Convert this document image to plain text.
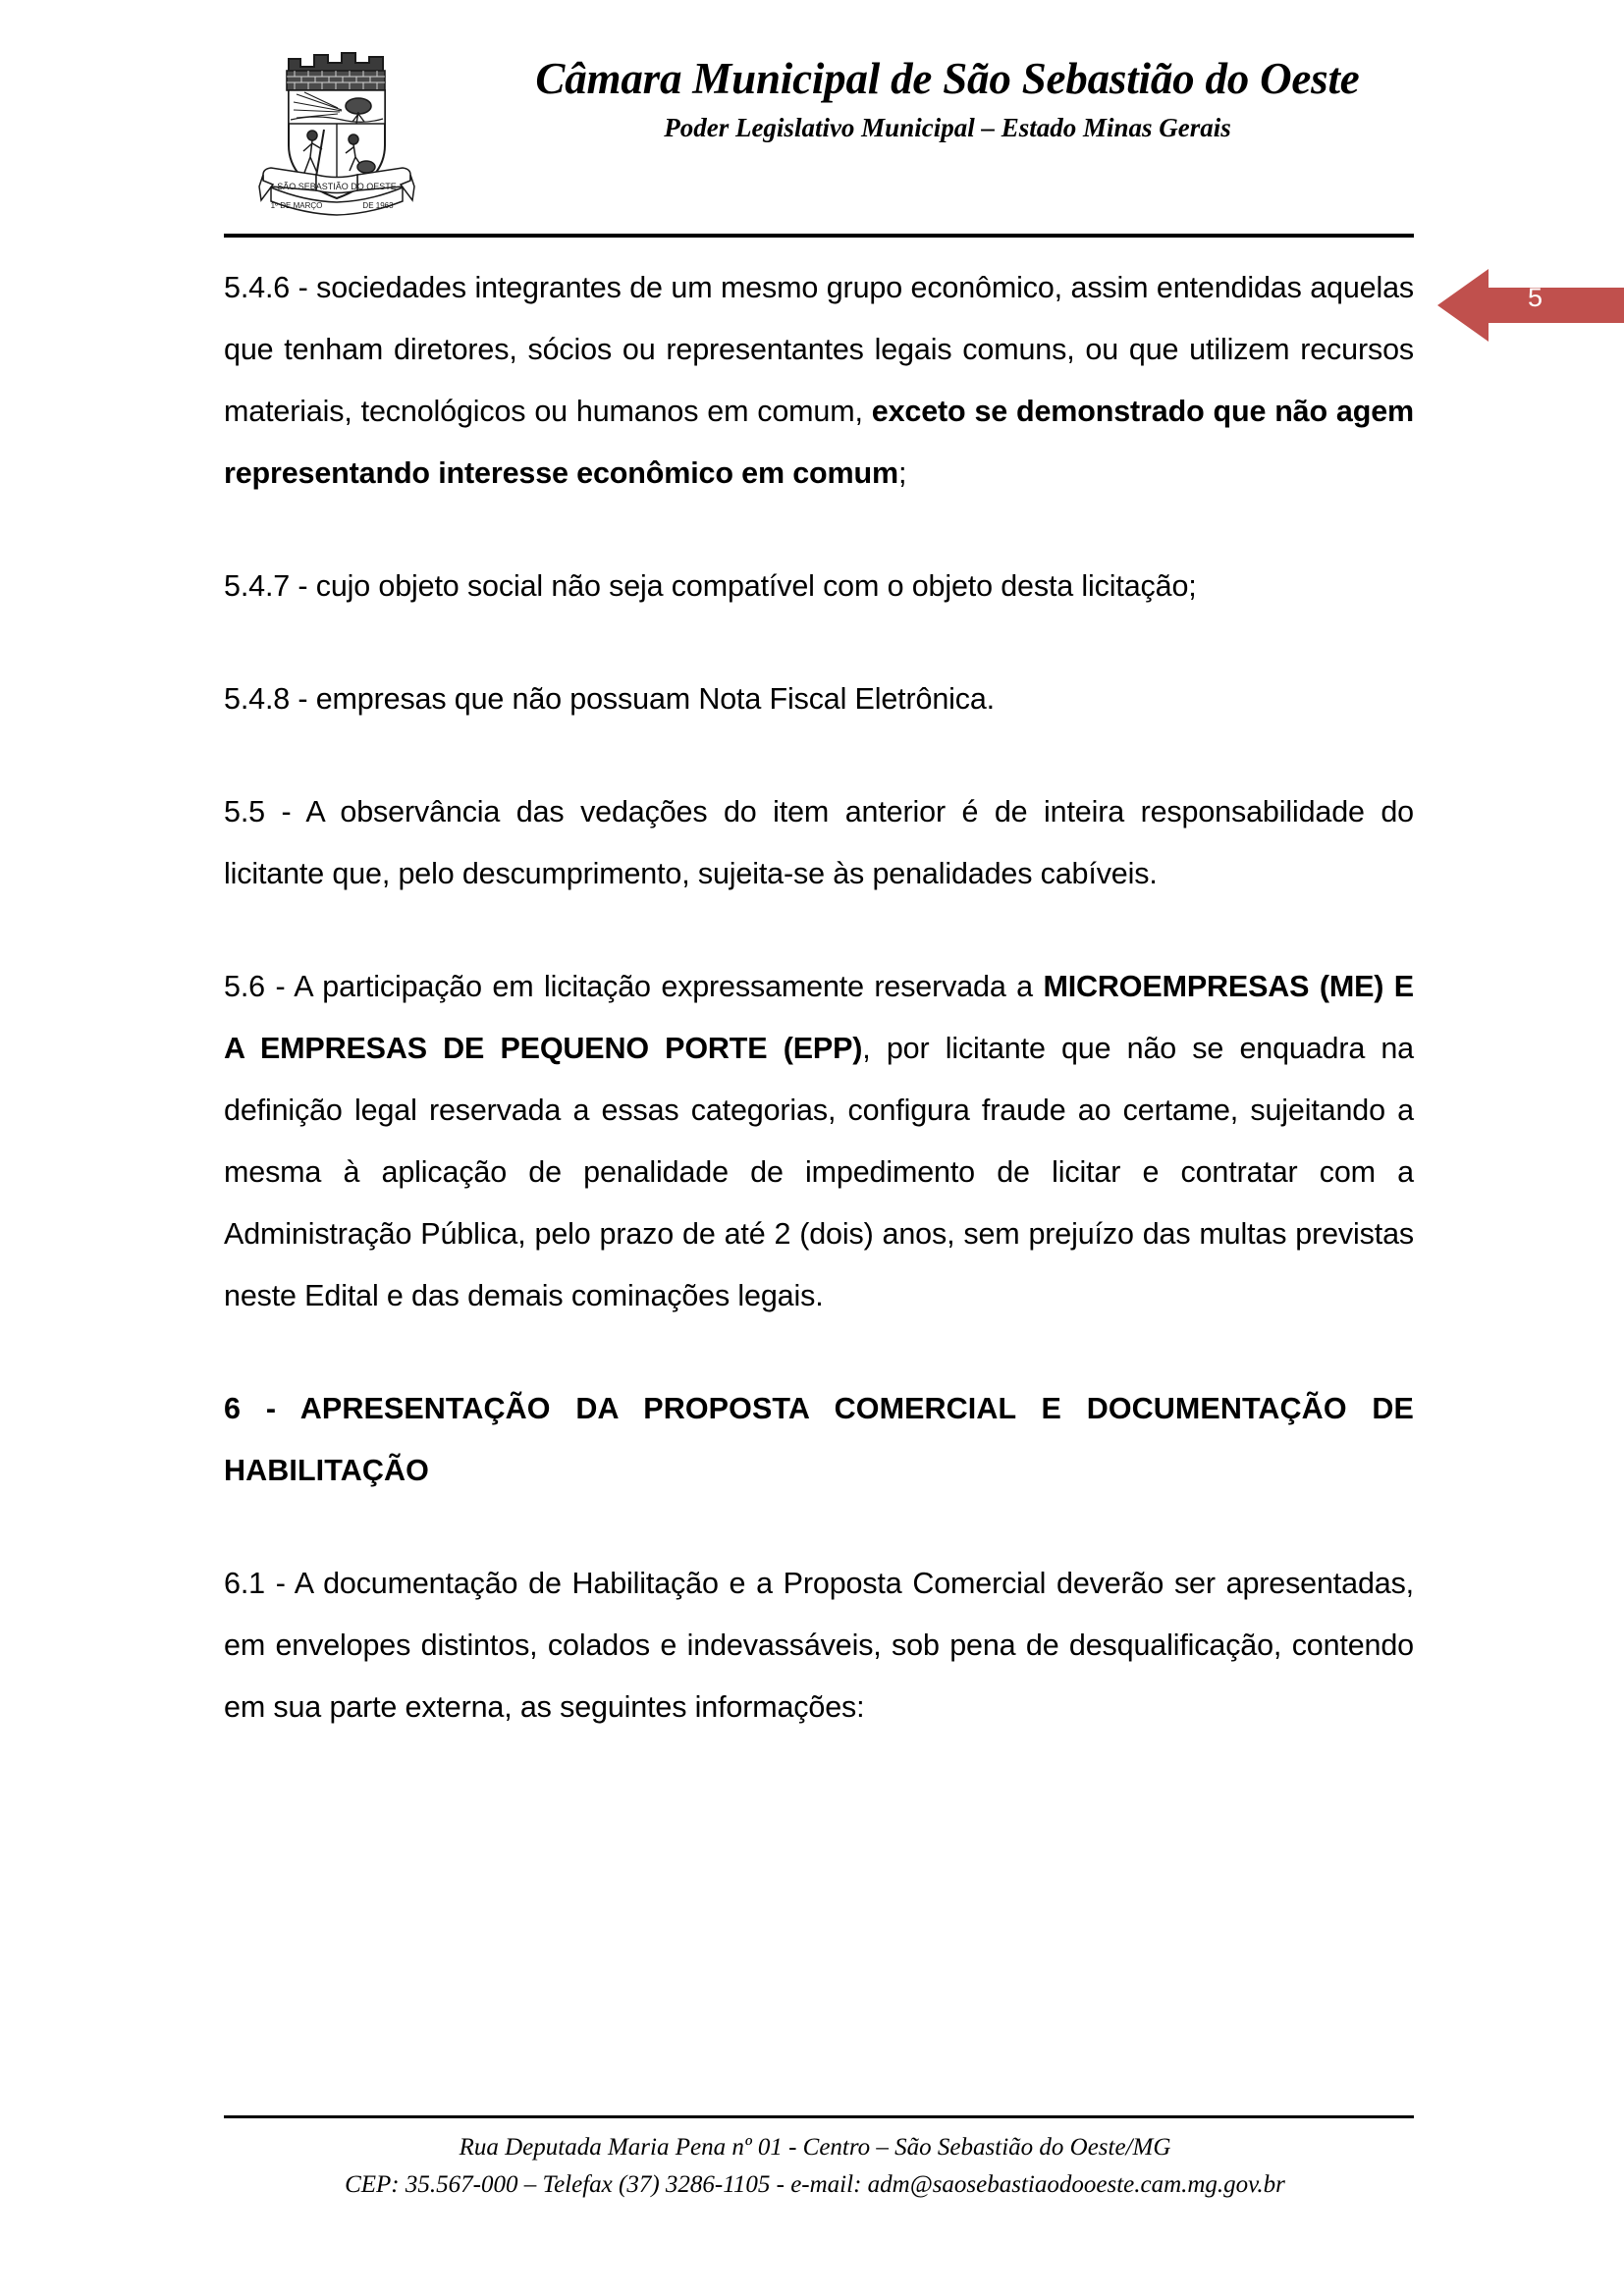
SÃO SEBASTIÃO DO OESTE
1º DE MARÇO	DE 1963
Câmara Municipal de São Sebastião do Oeste
Poder Legislativo Municipal – Estado Minas Gerais
5.4.6 - sociedades integrantes de um mesmo grupo econômico, assim entendidas aquelas que tenham diretores, sócios ou representantes legais comuns, ou que utilizem recursos materiais, tecnológicos ou humanos em comum, exceto se demonstrado que não agem representando interesse econômico em comum;
5.4.7 - cujo objeto social não seja compatível com o objeto desta licitação;
5.4.8 - empresas que não possuam Nota Fiscal Eletrônica.
5.5 - A observância das vedações do item anterior é de inteira responsabilidade do licitante que, pelo descumprimento, sujeita-se às penalidades cabíveis.
5.6 - A participação em licitação expressamente reservada a MICROEMPRESAS (ME) E A EMPRESAS DE PEQUENO PORTE (EPP), por licitante que não se enquadra na definição legal reservada a essas categorias, configura fraude ao certame, sujeitando a mesma à aplicação de penalidade de impedimento de licitar e contratar com a Administração Pública, pelo prazo de até 2 (dois) anos, sem prejuízo das multas previstas neste Edital e das demais cominações legais.
6 - APRESENTAÇÃO DA PROPOSTA COMERCIAL E DOCUMENTAÇÃO DE HABILITAÇÃO
6.1 - A documentação de Habilitação e a Proposta Comercial deverão ser apresentadas, em envelopes distintos, colados e indevassáveis, sob pena de desqualificação, contendo em sua parte externa, as seguintes informações:
5
Rua Deputada Maria Pena nº 01 - Centro – São Sebastião do Oeste/MG
CEP: 35.567-000 – Telefax (37) 3286-1105 - e-mail: adm@saosebastiaodooeste.cam.mg.gov.br
